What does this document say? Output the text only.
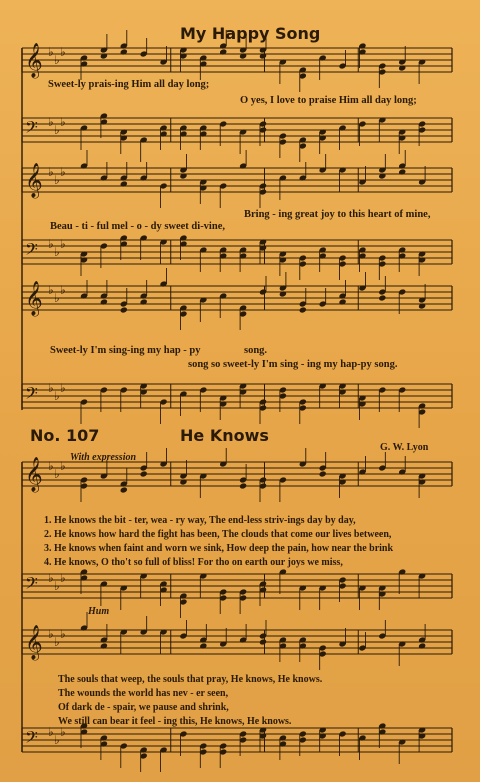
𝄞 ♭
♭
♭
𝄢 ♭
♭
♭
𝄞 ♭
♭
♭
𝄢 ♭
♭
♭
𝄞 ♭
♭
♭
𝄢 ♭
♭
♭
𝄞 ♭
♭
♭
𝄢 ♭
♭
♭
𝄞 ♭
♭
♭
𝄢 ♭
♭
♭
My Happy Song
Sweet-ly prais-ing Him all day long;
O yes, I love to praise Him all day long;
Bring - ing great joy to this heart of mine,
Beau - ti - ful mel - o - dy sweet di-vine,
Sweet-ly I'm sing-ing my hap - py	song.
song so sweet-ly I'm sing - ing my hap-py song.
No. 107	He Knows
G. W. Lyon
With expression
1. He knows the bit - ter, wea - ry way, The end-less striv-ings day by day,
2. He knows how hard the fight has been, The clouds that come our lives between,
3. He knows when faint and worn we sink, How deep the pain, how near the brink
4. He knows, O tho't so full of bliss! For tho on earth our joys we miss,
Hum
The souls that weep, the souls that pray, He knows, He knows.
The wounds the world has nev - er seen,
Of dark de - spair, we pause and shrink,
We still can bear it feel - ing this, He knows, He knows.
